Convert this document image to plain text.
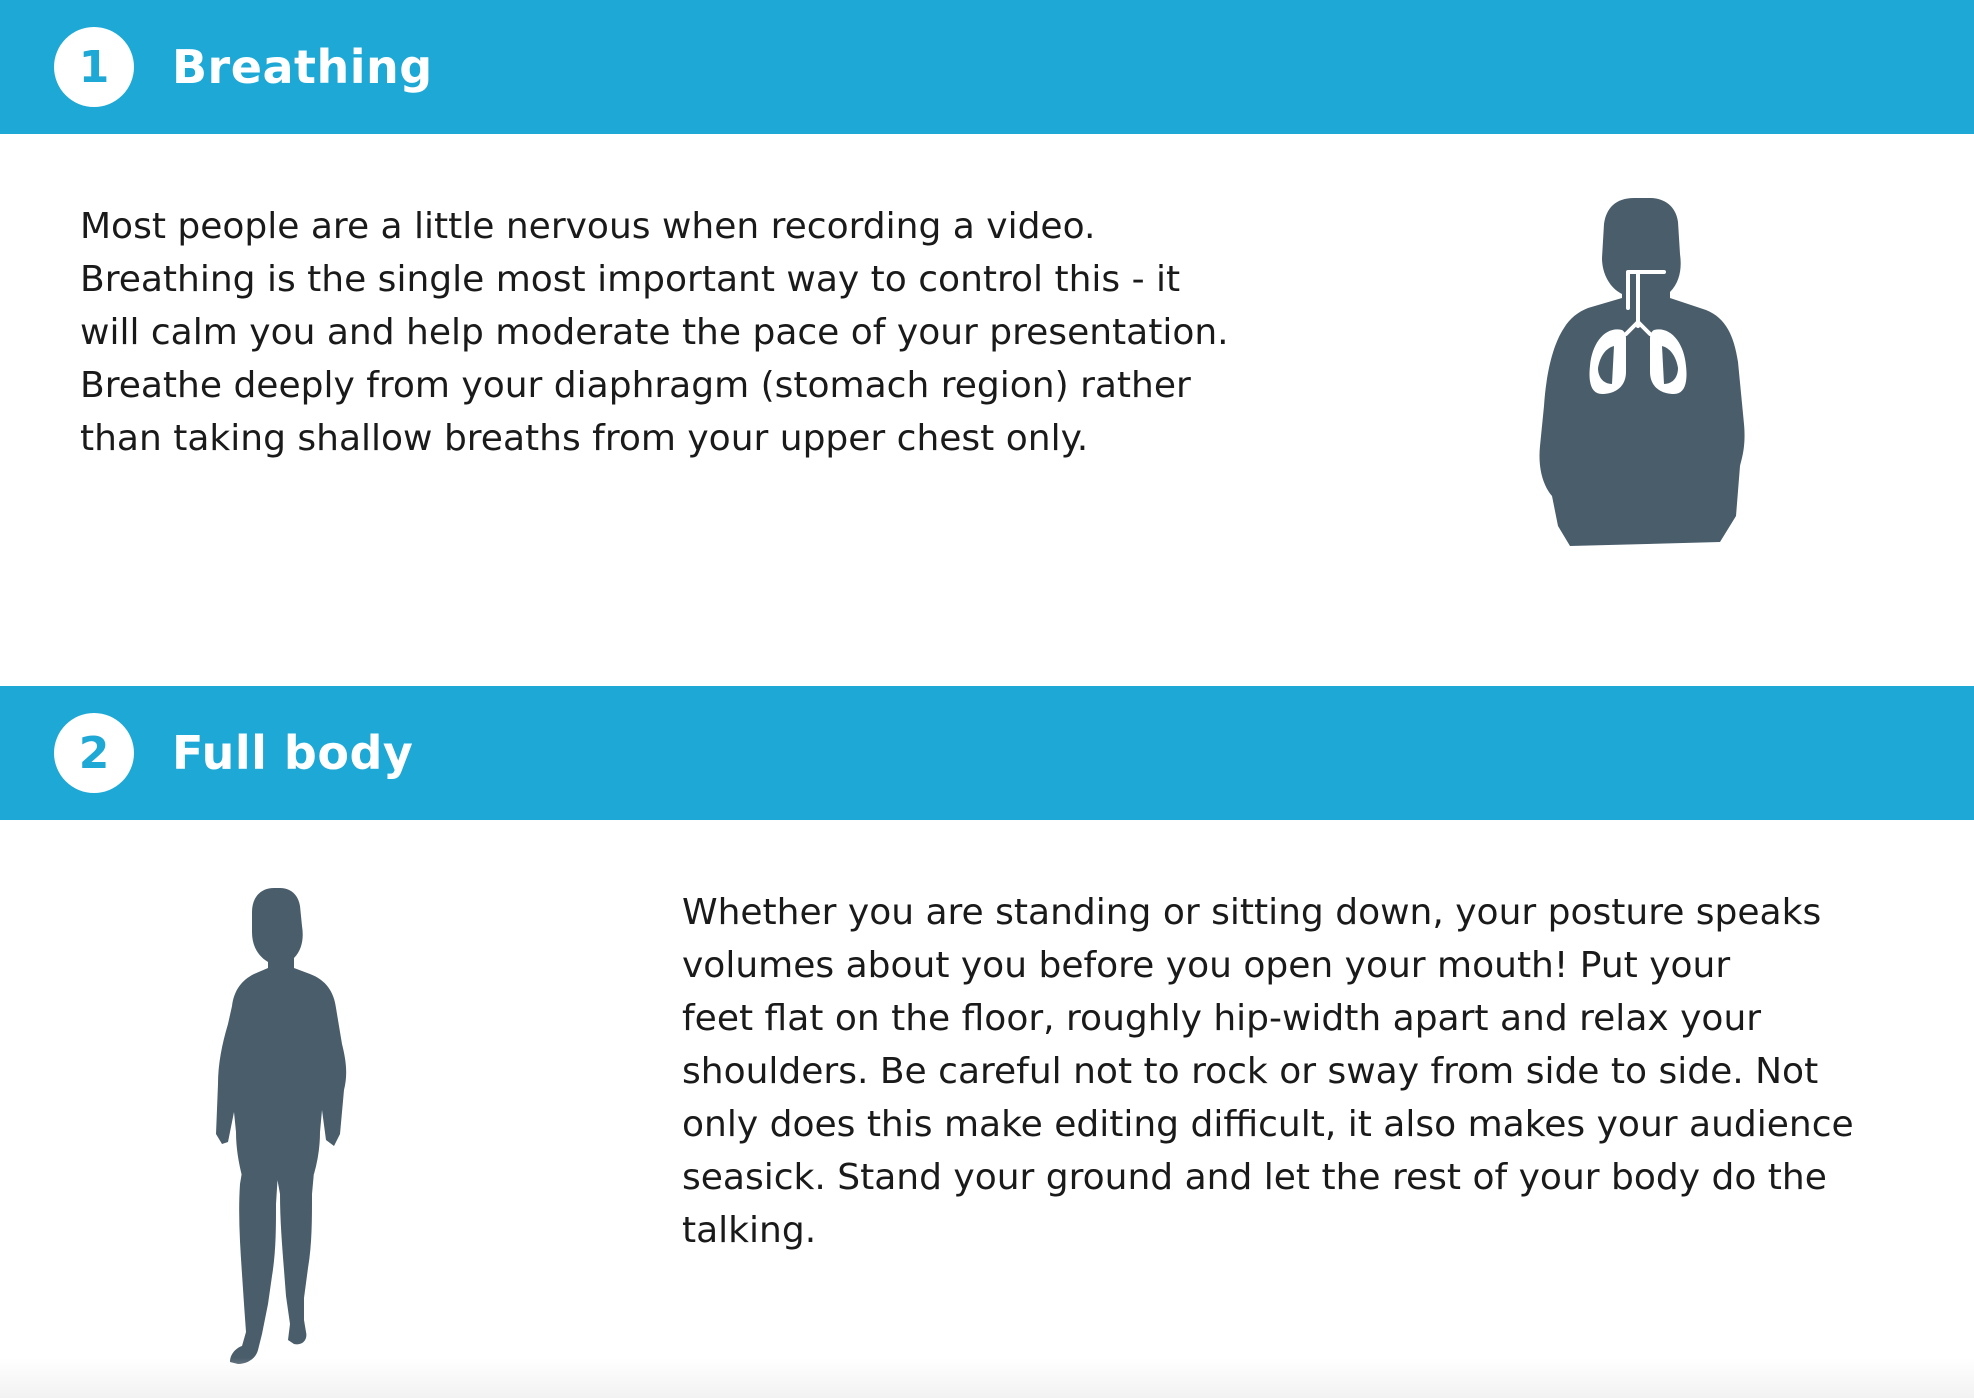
1	Breathing
Most people are a little nervous when recording a video.
Breathing is the single most important way to control this - it
will calm you and help moderate the pace of your presentation.
Breathe deeply from your diaphragm (stomach region) rather
than taking shallow breaths from your upper chest only.
2	Full body
Whether you are standing or sitting down, your posture speaks
volumes about you before you open your mouth! Put your
feet flat on the floor, roughly hip-width apart and relax your
shoulders. Be careful not to rock or sway from side to side. Not
only does this make editing difficult, it also makes your audience
seasick. Stand your ground and let the rest of your body do the
talking.
